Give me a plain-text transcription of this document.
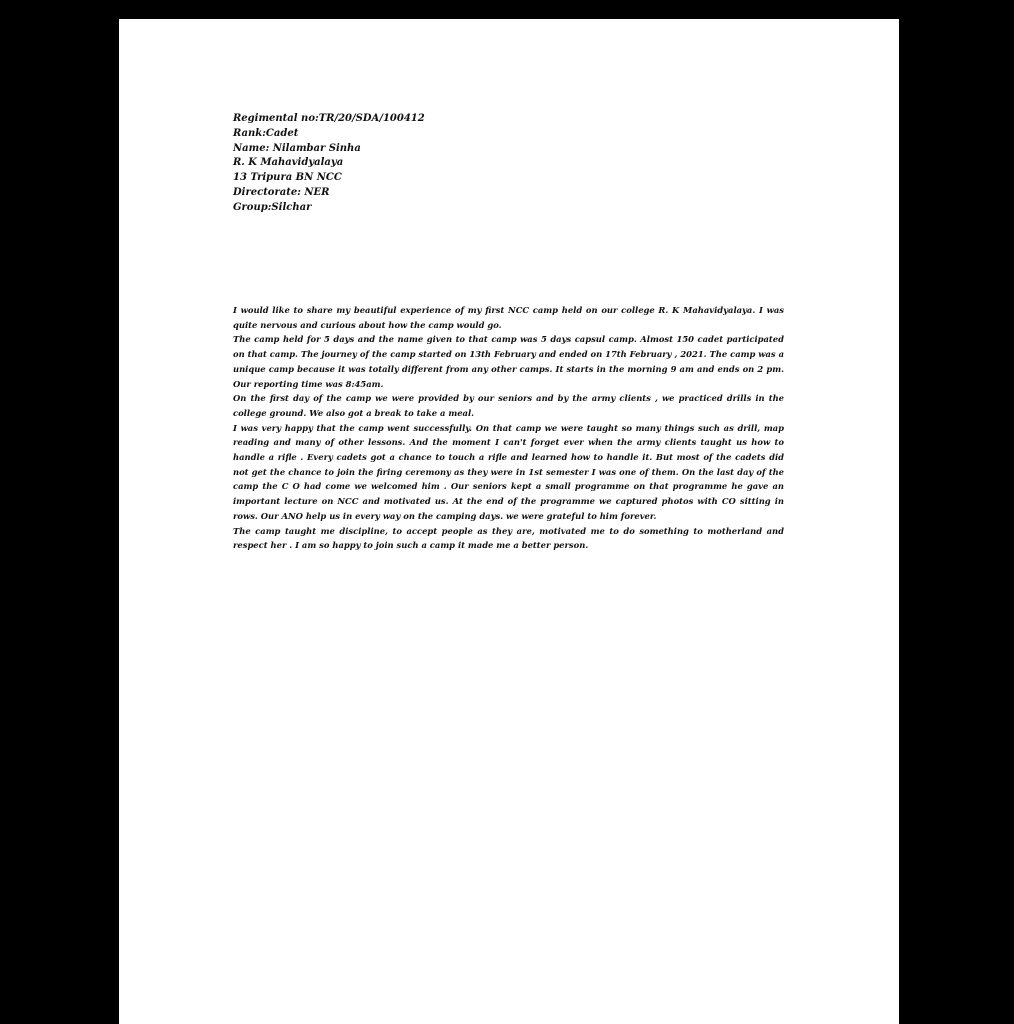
Regimental no:TR/20/SDA/100412
Rank:Cadet
Name: Nilambar Sinha
R. K Mahavidyalaya
13 Tripura BN NCC
Directorate: NER
Group:Silchar

I would like to share my beautiful experience of my first NCC camp held on our college R. K Mahavidyalaya. I was quite nervous and curious about how the camp would go.

The camp held for 5 days and the name given to that camp was 5 days capsul camp. Almost 150 cadet participated on that camp. The journey of the camp started on 13th February and ended on 17th February , 2021. The camp was a unique camp because it was totally different from any other camps. It starts in the morning 9 am and ends on 2 pm. Our reporting time was 8:45am.

On the first day of the camp we were provided by our seniors and by the army clients , we practiced drills in the college ground. We also got a break to take a meal.

I was very happy that the camp went successfully. On that camp we were taught so many things such as drill, map reading and many of other lessons. And the moment I can't forget ever when the army clients taught us how to handle a rifle . Every cadets got a chance to touch a rifle and learned how to handle it. But most of the cadets did not get the chance to join the firing ceremony as they were in 1st semester I was one of them. On the last day of the camp the C O had come we welcomed him . Our seniors kept a small programme on that programme he gave an important lecture on NCC and motivated us. At the end of the programme we captured photos with CO sitting in rows. Our ANO help us in every way on the camping days. we were grateful to him forever.

The camp taught me discipline, to accept people as they are, motivated me to do something to motherland and respect her . I am so happy to join such a camp it made me a better person.
